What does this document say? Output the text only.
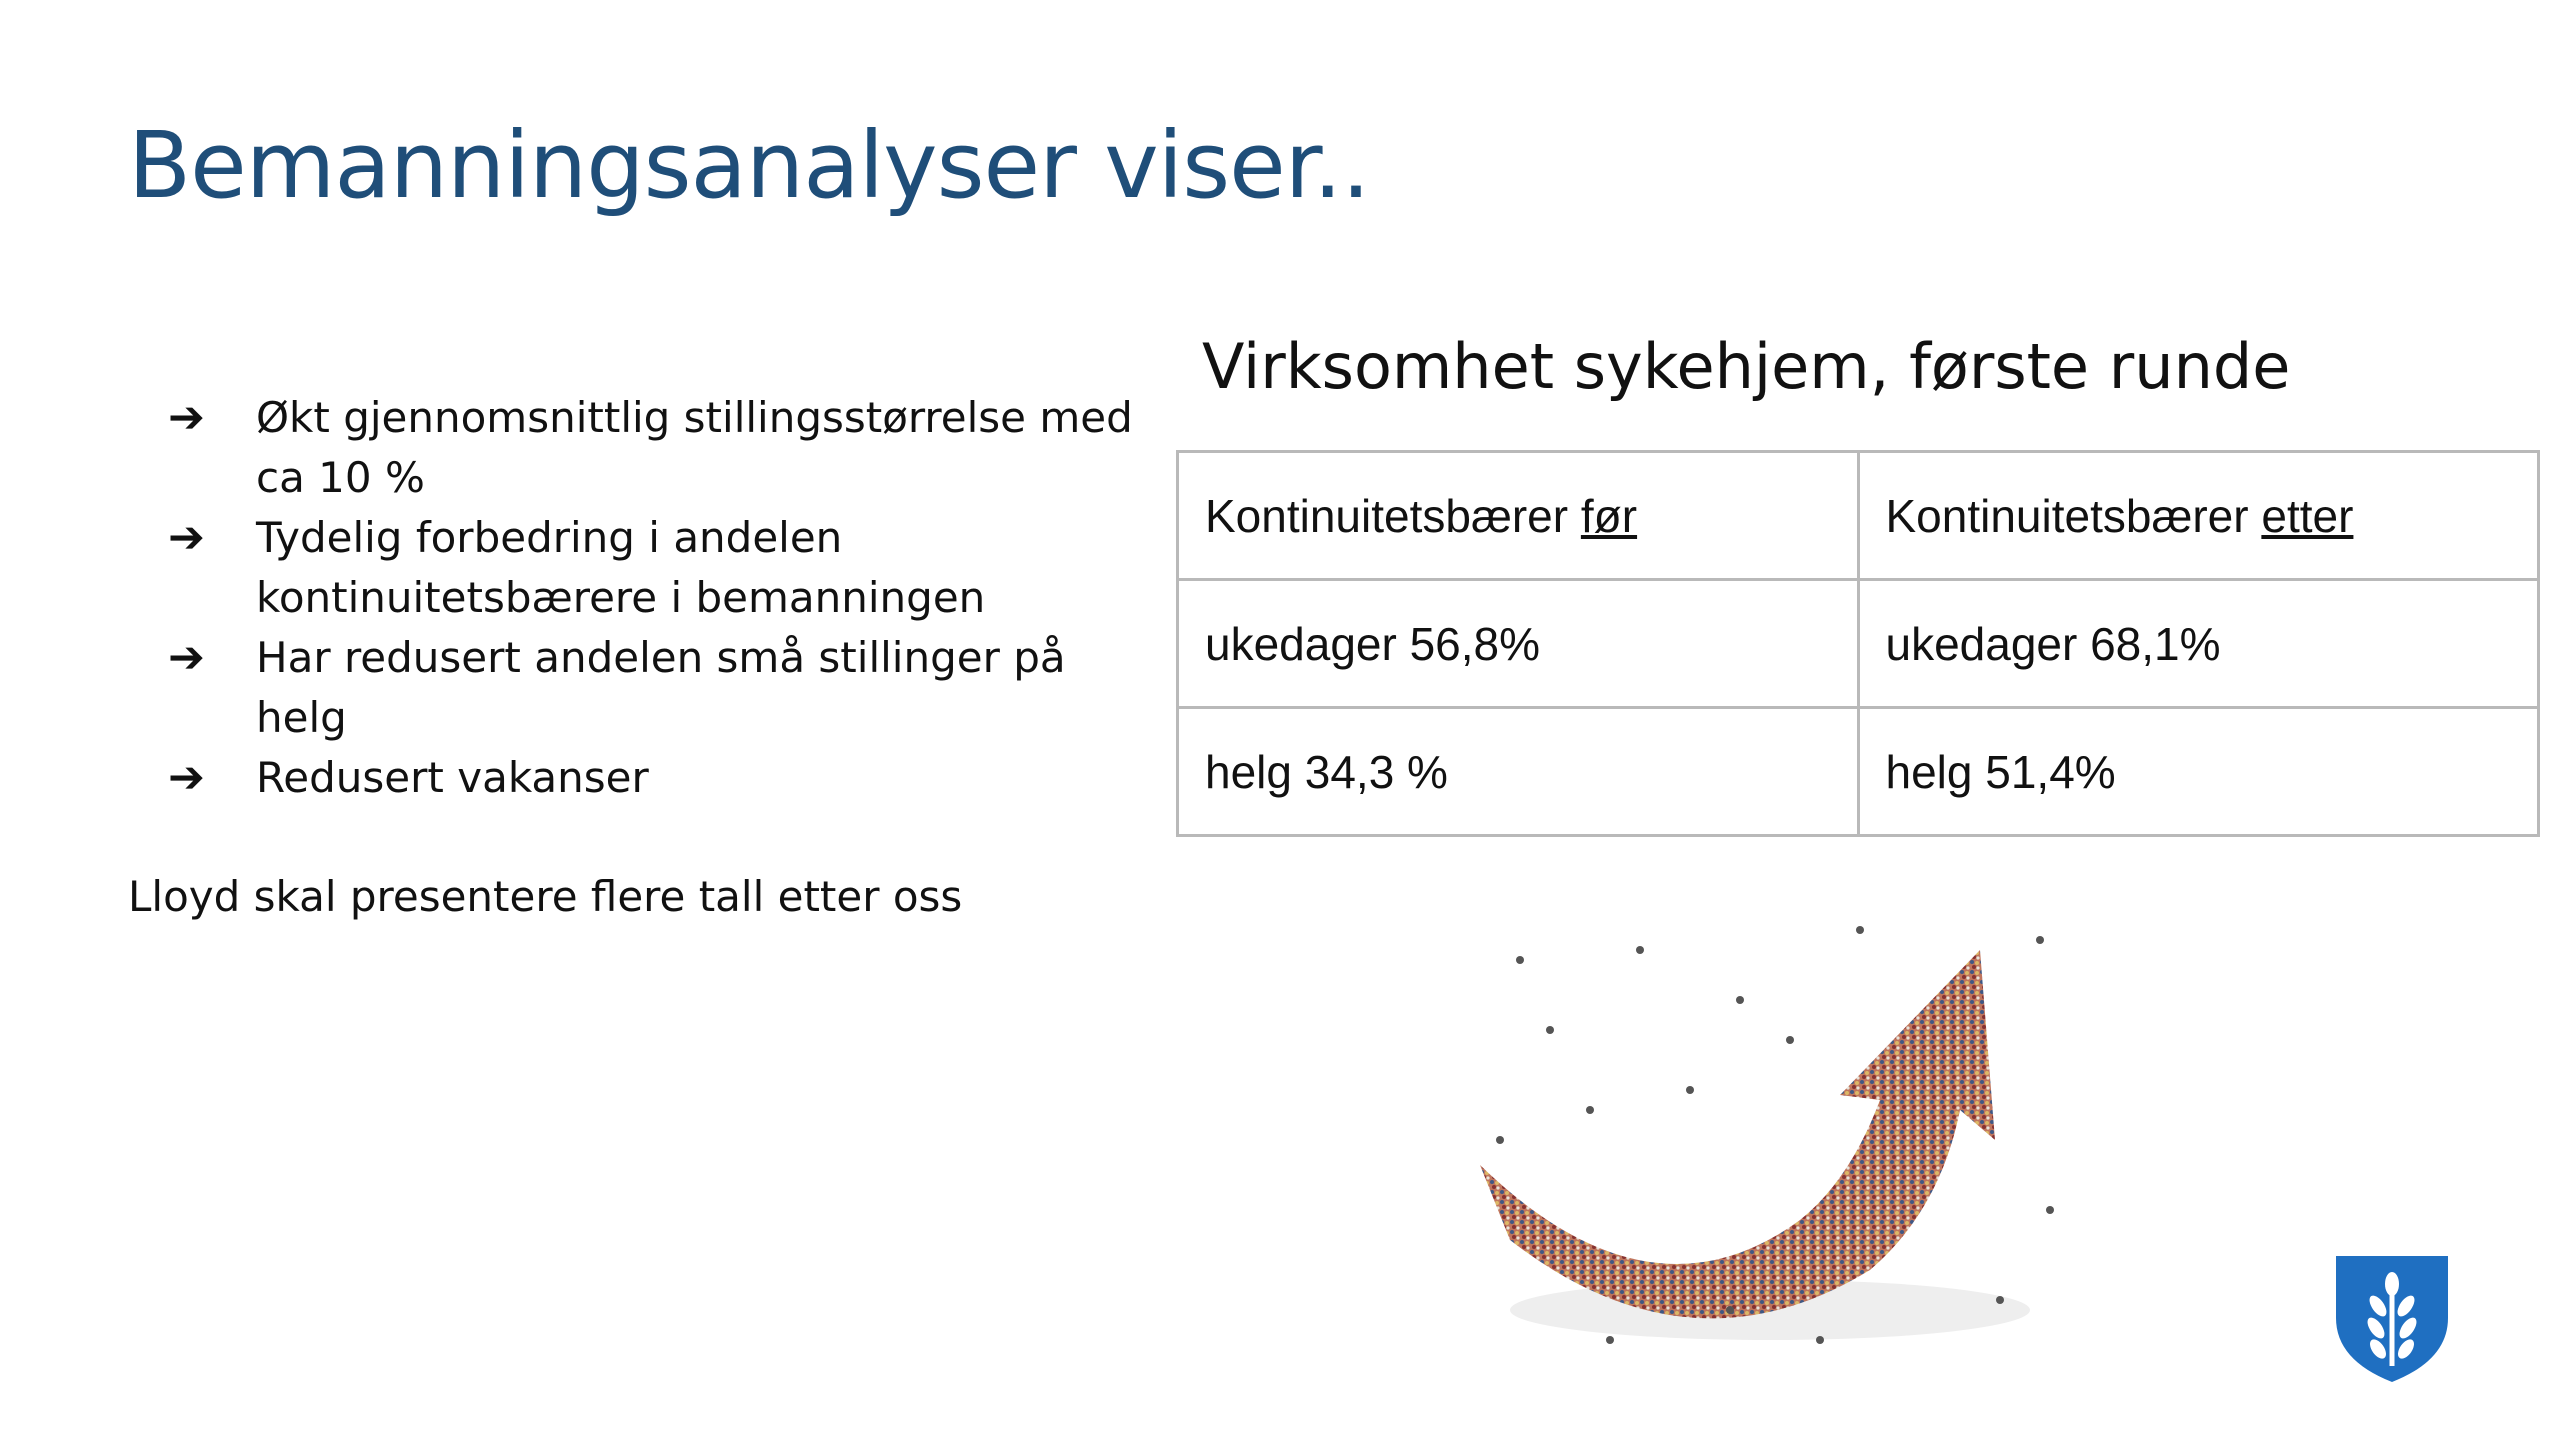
Bemanningsanalyser viser..
➔ Økt gjennomsnittlig stillingsstørrelse med ca 10 %
➔ Tydelig forbedring i andelen kontinuitetsbærere i bemanningen
➔ Har redusert andelen små stillinger på helg
➔ Redusert vakanser
Lloyd skal presentere flere tall etter oss
Virksomhet sykehjem, første runde
Kontinuitetsbærer før	Kontinuitetsbærer etter
ukedager 56,8%	ukedager 68,1%
helg 34,3 %	helg 51,4%
